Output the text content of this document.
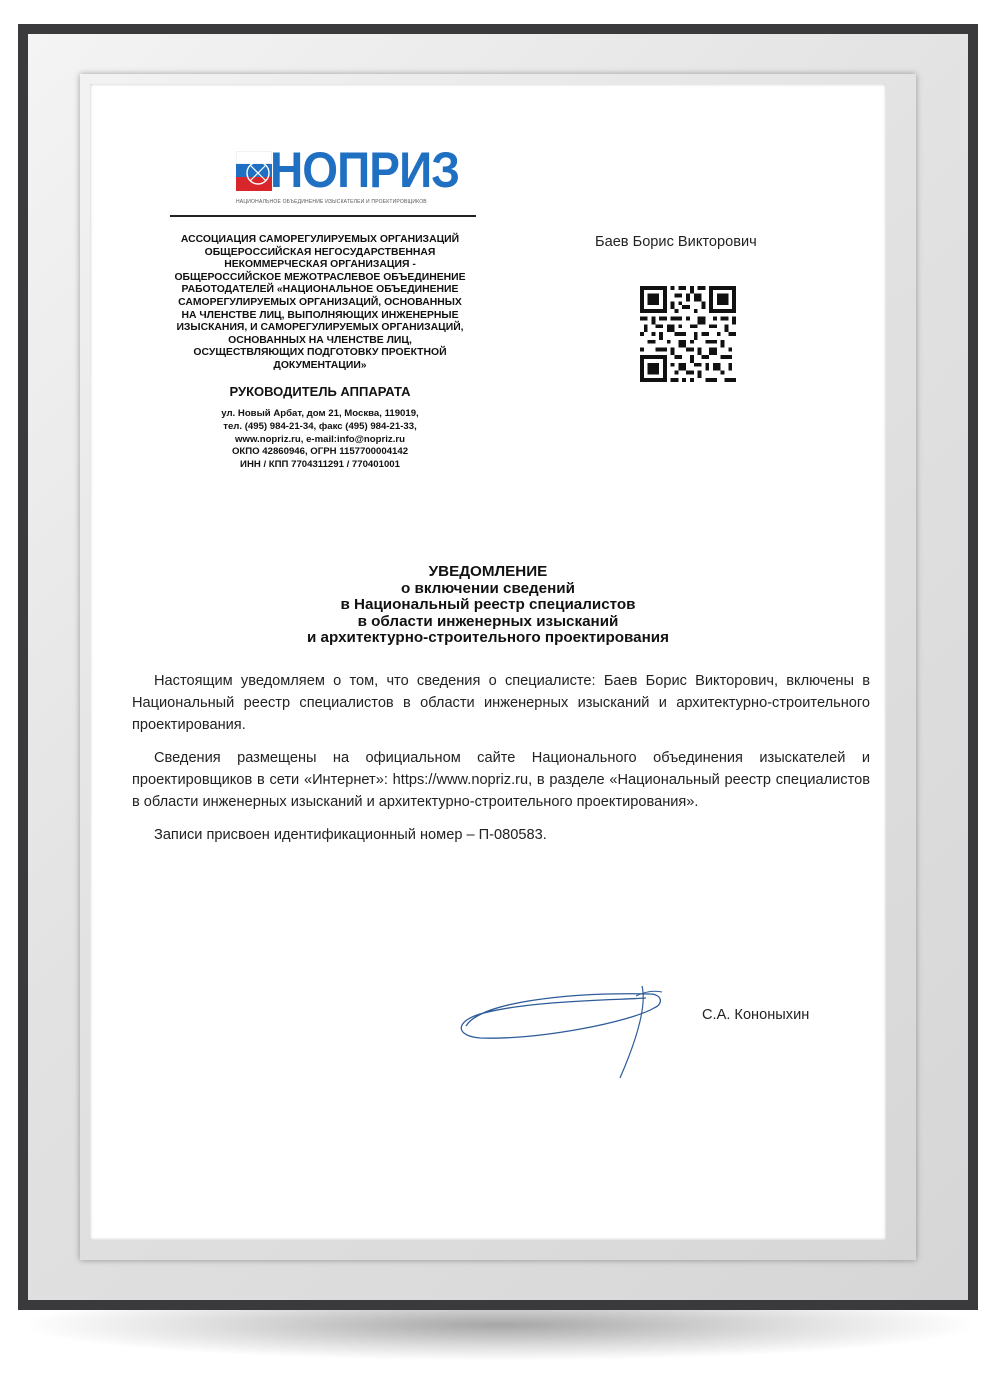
НОПРИЗ
НАЦИОНАЛЬНОЕ ОБЪЕДИНЕНИЕ ИЗЫСКАТЕЛЕЙ И ПРОЕКТИРОВЩИКОВ
АССОЦИАЦИЯ САМОРЕГУЛИРУЕМЫХ ОРГАНИЗАЦИЙ
ОБЩЕРОССИЙСКАЯ НЕГОСУДАРСТВЕННАЯ
НЕКОММЕРЧЕСКАЯ ОРГАНИЗАЦИЯ -
ОБЩЕРОССИЙСКОЕ МЕЖОТРАСЛЕВОЕ ОБЪЕДИНЕНИЕ
РАБОТОДАТЕЛЕЙ «НАЦИОНАЛЬНОЕ ОБЪЕДИНЕНИЕ
САМОРЕГУЛИРУЕМЫХ ОРГАНИЗАЦИЙ, ОСНОВАННЫХ
НА ЧЛЕНСТВЕ ЛИЦ, ВЫПОЛНЯЮЩИХ ИНЖЕНЕРНЫЕ
ИЗЫСКАНИЯ, И САМОРЕГУЛИРУЕМЫХ ОРГАНИЗАЦИЙ,
ОСНОВАННЫХ НА ЧЛЕНСТВЕ ЛИЦ,
ОСУЩЕСТВЛЯЮЩИХ ПОДГОТОВКУ ПРОЕКТНОЙ
ДОКУМЕНТАЦИИ»
РУКОВОДИТЕЛЬ АППАРАТА
ул. Новый Арбат, дом 21, Москва, 119019,
тел. (495) 984-21-34, факс (495) 984-21-33,
www.nopriz.ru, e-mail:info@nopriz.ru
ОКПО 42860946, ОГРН 1157700004142
ИНН / КПП 7704311291 / 770401001
Баев Борис Викторович
УВЕДОМЛЕНИЕ
о включении сведений
в Национальный реестр специалистов
в области инженерных изысканий
и архитектурно-строительного проектирования

Настоящим уведомляем о том, что сведения о специалисте: Баев Борис Викторович, включены в Национальный реестр специалистов в области инженерных изысканий и архитектурно-строительного проектирования.

Сведения размещены на официальном сайте Национального объединения изыскателей и проектировщиков в сети «Интернет»: https://www.nopriz.ru, в разделе «Национальный реестр специалистов в области инженерных изысканий и архитектурно-строительного проектирования».

Записи присвоен идентификационный номер – П-080583.

С.А. Кононыхин
